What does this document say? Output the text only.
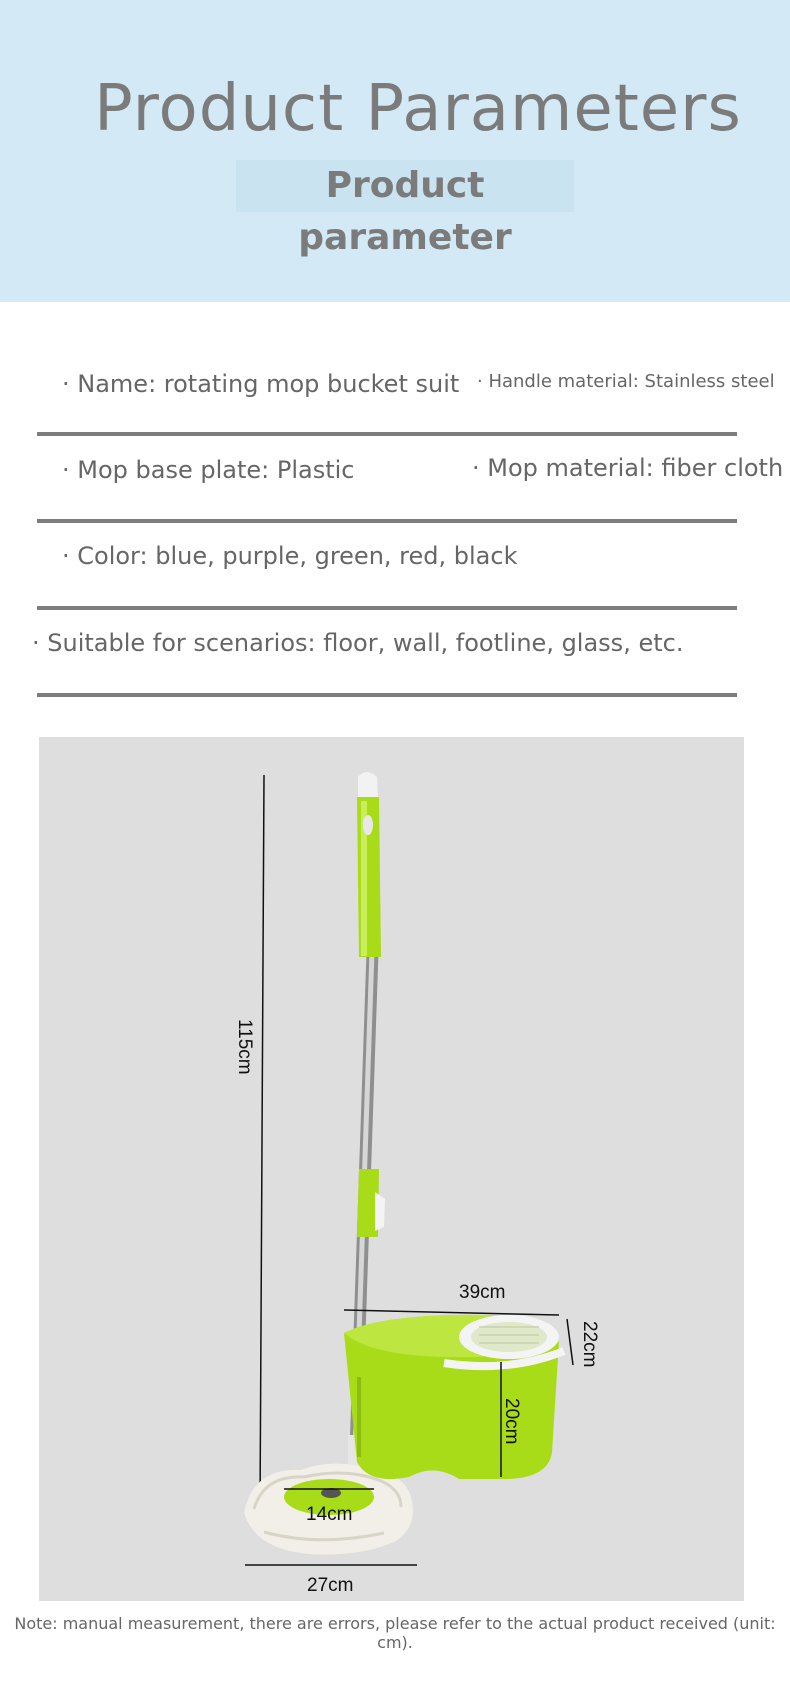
Product Parameters
Product parameter
· Name: rotating mop bucket suit · Handle material: Stainless steel
· Mop base plate: Plastic	· Mop material: fiber cloth
· Color: blue, purple, green, red, black
· Suitable for scenarios: floor, wall, footline, glass, etc.
115cm
14cm
27cm
39cm
22cm
20cm
Note: manual measurement, there are errors, please refer to the actual product received (unit: cm).
